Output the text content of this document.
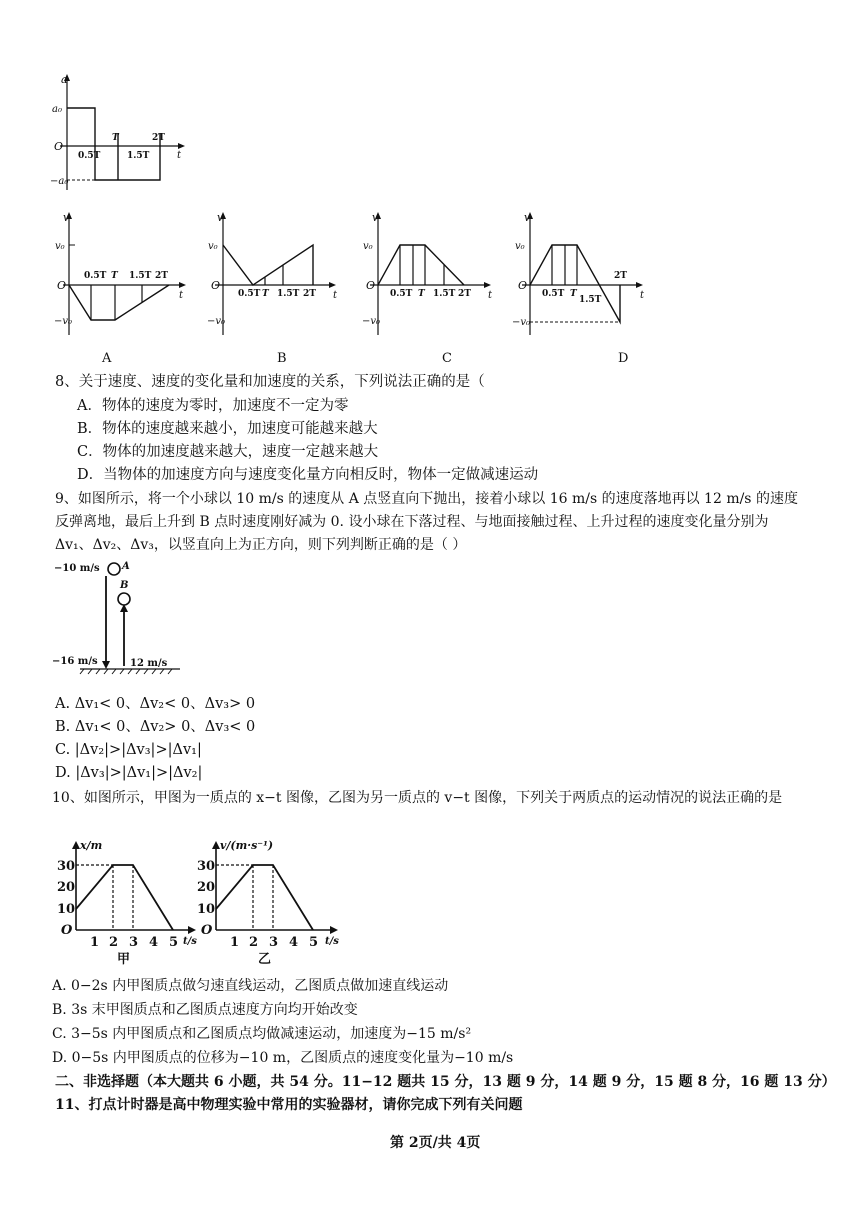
a
a₀
O
−a₀
0.5T
T
1.5T
2T
t
v
v₀
O
−v₀
0.5T T 1.5T 2T
t
A
v
v₀
O
−v₀
0.5T T 1.5T 2T t
B
v
v₀
O
−v₀
0.5T T 1.5T 2T t
C
v
v₀
O
−v₀
0.5T T
1.5T
2T
t
D
8、关于速度、速度的变化量和加速度的关系，下列说法正确的是（
A．物体的速度为零时，加速度不一定为零
B．物体的速度越来越小，加速度可能越来越大
C．物体的加速度越来越大，速度一定越来越大
D．当物体的加速度方向与速度变化量方向相反时，物体一定做减速运动
9、如图所示，将一个小球以 10 m/s 的速度从 A 点竖直向下抛出，接着小球以 16 m/s 的速度落地再以 12 m/s 的速度
反弹离地，最后上升到 B 点时速度刚好减为 0. 设小球在下落过程、与地面接触过程、上升过程的速度变化量分别为
Δv₁、Δv₂、Δv₃，以竖直向上为正方向，则下列判断正确的是（ ）
−10 m/s A
B
−16 m/s	12 m/s
A. Δv₁< 0、Δv₂< 0、Δv₃> 0
B. Δv₁< 0、Δv₂> 0、Δv₃< 0
C. |Δv₂|>|Δv₃|>|Δv₁|
D. |Δv₃|>|Δv₁|>|Δv₂|
10、如图所示，甲图为一质点的 x−t 图像，乙图为另一质点的 v−t 图像，下列关于两质点的运动情况的说法正确的是
x/m
30
20
10
O
1 2 3 4 5 t/s
甲
v/(m·s⁻¹)
30
20
10
O
1 2 3 4 5 t/s
乙
A. 0−2s 内甲图质点做匀速直线运动，乙图质点做加速直线运动
B. 3s 末甲图质点和乙图质点速度方向均开始改变
C. 3−5s 内甲图质点和乙图质点均做减速运动，加速度为−15 m/s²
D. 0−5s 内甲图质点的位移为−10 m，乙图质点的速度变化量为−10 m/s
二、非选择题（本大题共 6 小题，共 54 分。11−12 题共 15 分，13 题 9 分，14 题 9 分，15 题 8 分，16 题 13 分）
11、打点计时器是高中物理实验中常用的实验器材，请你完成下列有关问题
第 2页/共 4页
